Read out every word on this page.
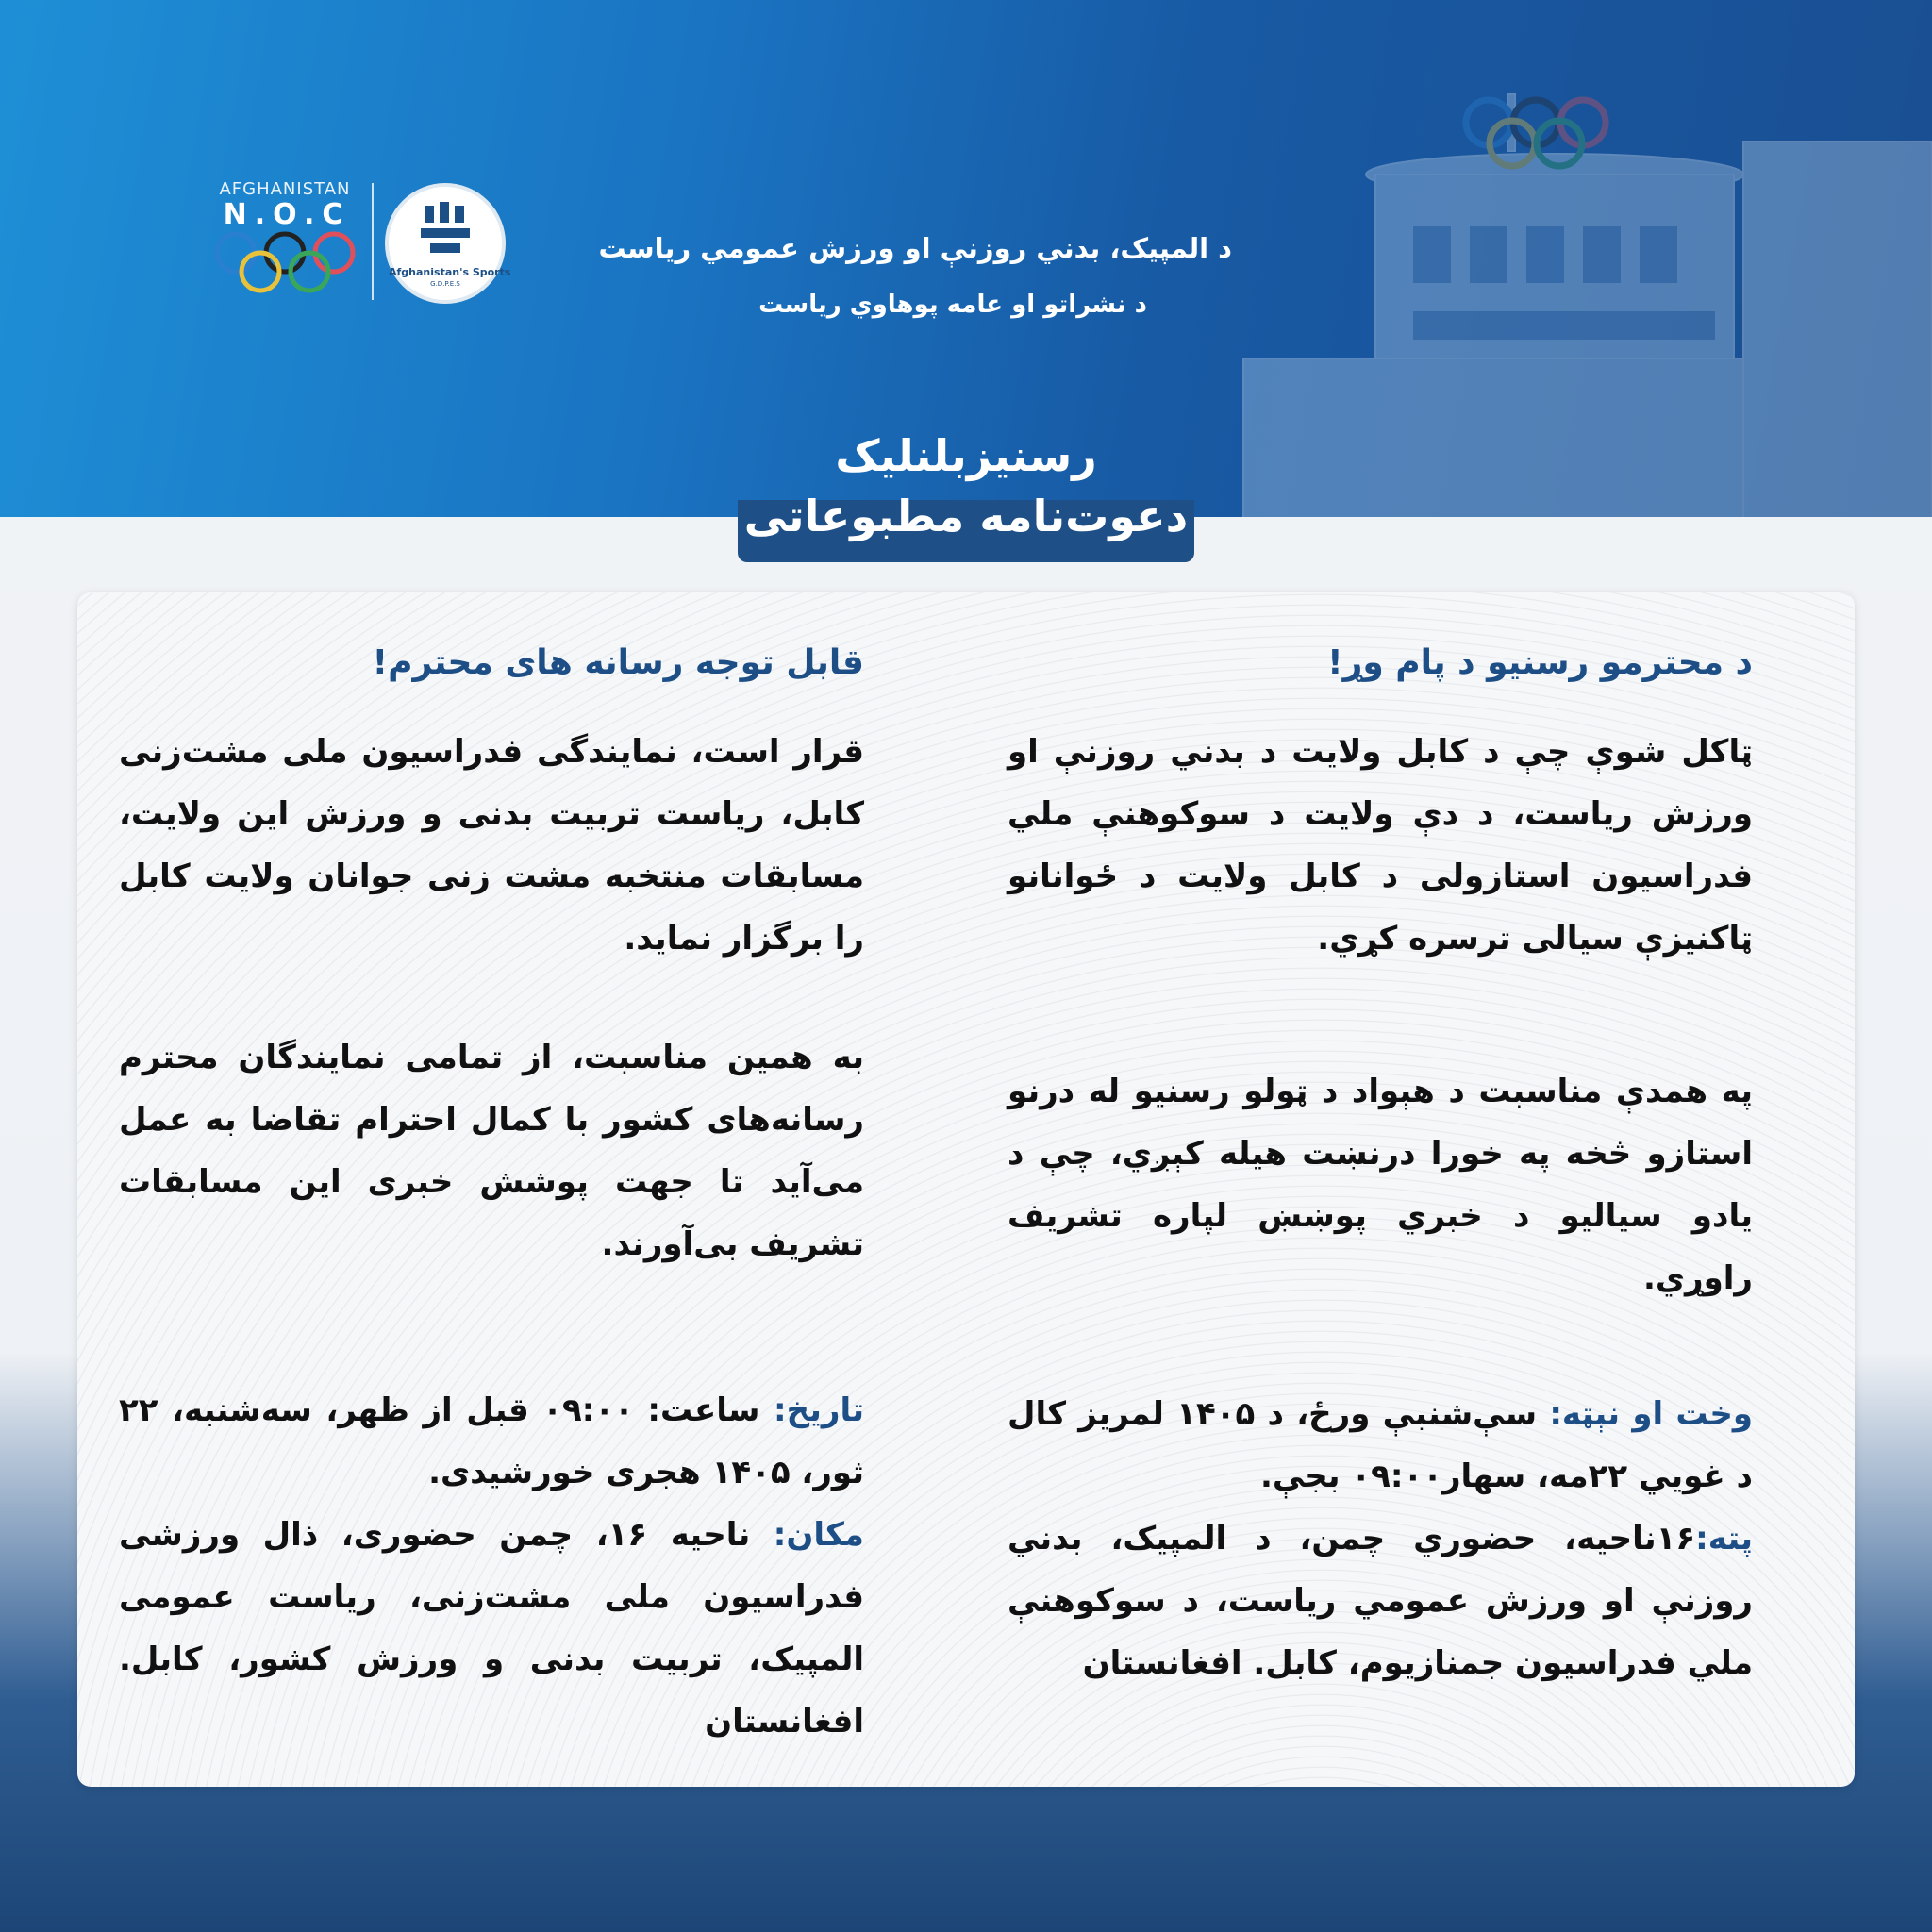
AFGHANISTAN
N.O.C
Afghanistan's Sports
G.D.P.E.S
د المپیک، بدني روزنې او ورزش عمومي ریاست
د نشراتو او عامه پوهاوي ریاست
رسنیزبلنلیک
دعوت‌نامه مطبوعاتی

د محترمو رسنیو د پام وړ!

ټاکل شوې چې د کابل ولایت د بدني روزنې او ورزش ریاست، د دې ولایت د سوکوهنې ملي فدراسیون استازولی د کابل ولایت د ځوانانو ټاکنیزې سیالی ترسره کړي.

په همدې مناسبت د هېواد د ټولو رسنیو له درنو استازو څخه په خورا درنښت هیله کېږي، چې د یادو سیالیو د خبري پوښښ لپاره تشریف راوړي.

وخت او نېټه: سې‌شنبې ورځ، د ۱۴۰۵ لمریز کال د غويي ۲۲مه، سهار۰۹:۰۰ بجې.

پته:۱۶ناحیه، حضوري چمن، د المپیک، بدني روزنې او ورزش عمومي ریاست، د سوکوهنې ملي فدراسیون جمنازیوم، کابل. افغانستان

قابل توجه رسانه های محترم!

قرار است، نمایندگی فدراسیون ملی مشت‌زنی کابل، ریاست تربیت بدنی و ورزش این ولایت، مسابقات منتخبه مشت زنی جوانان ولایت کابل را برگزار نماید.

به همین مناسبت، از تمامی نمایندگان محترم رسانه‌های کشور با کمال احترام تقاضا به عمل می‌آید تا جهت پوشش خبری این مسابقات تشریف بی‌آورند.

تاریخ: ساعت: ۰۹:۰۰ قبل از ظهر، سه‌شنبه، ۲۲ ثور، ۱۴۰۵ هجری خورشیدی.

مکان: ناحیه ۱۶، چمن حضوری، ذال ورزشی فدراسیون ملی مشت‌زنی، ریاست عمومی المپیک، تربیت بدنی و ورزش کشور، کابل. افغانستان
